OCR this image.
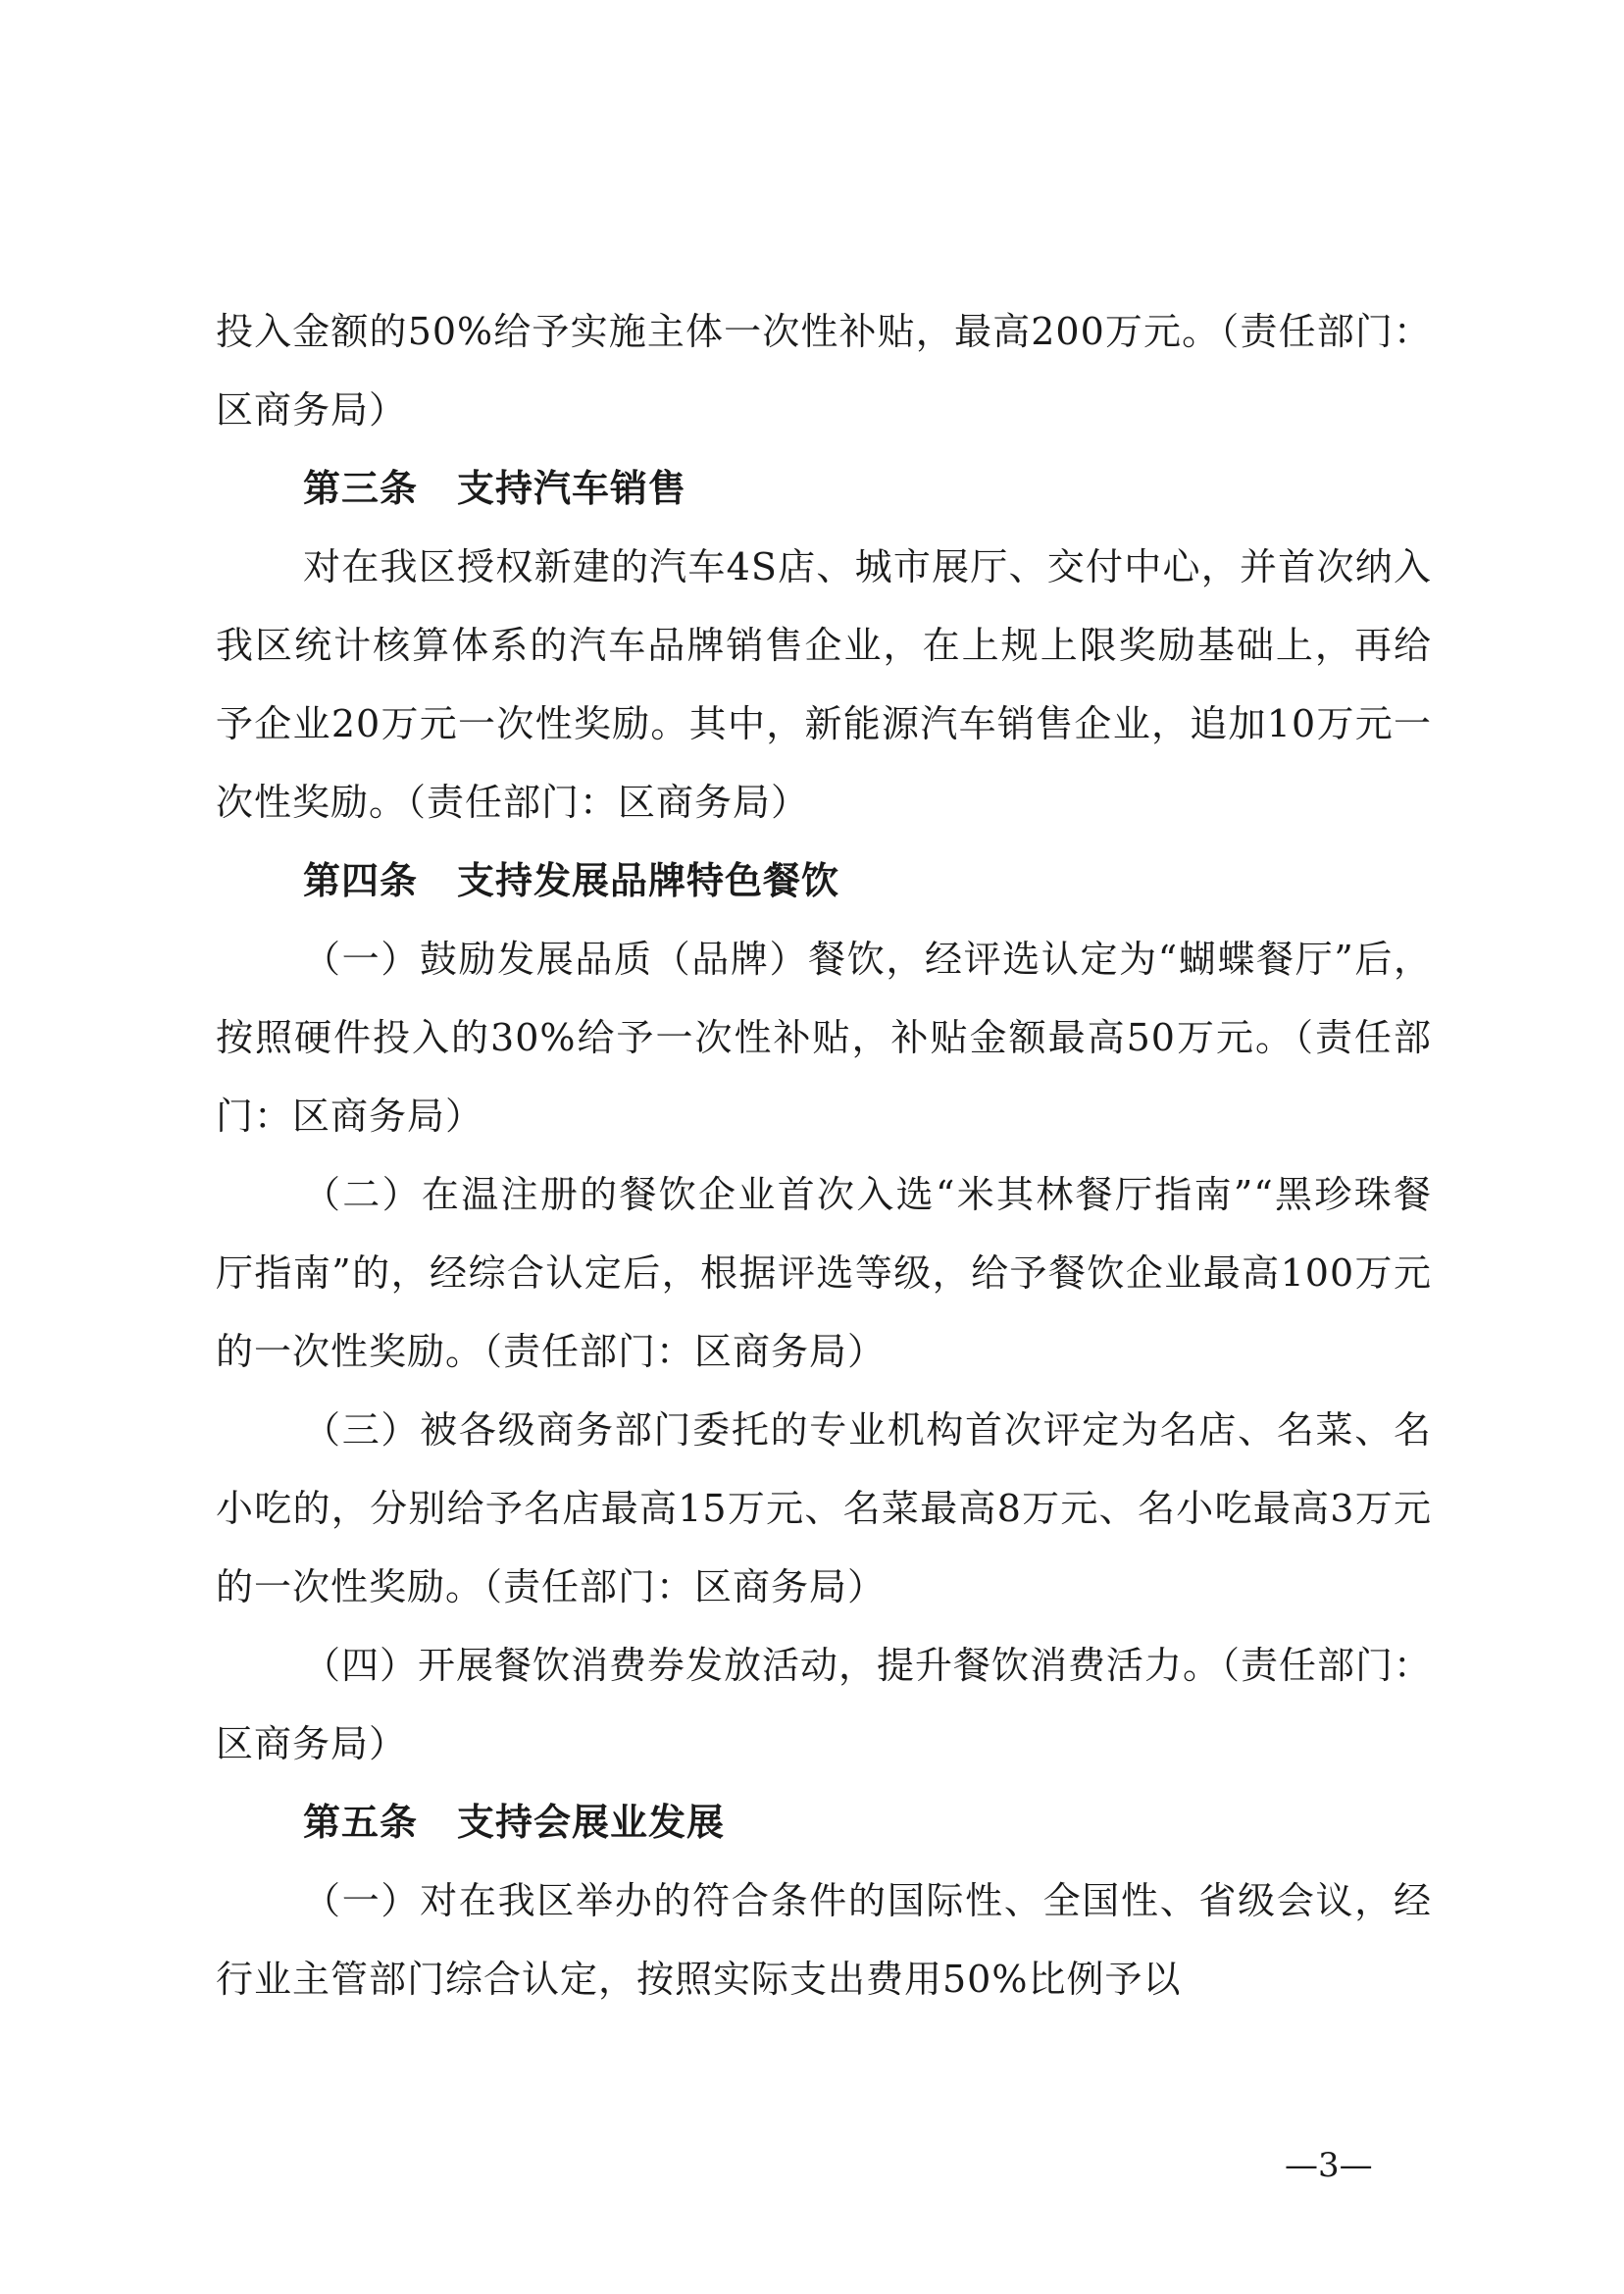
投入金额的50%给予实施主体一次性补贴，最高200万元。（责任部门：区商务局）

第三条 支持汽车销售

对在我区授权新建的汽车4S店、城市展厅、交付中心，并首次纳入我区统计核算体系的汽车品牌销售企业，在上规上限奖励基础上，再给予企业20万元一次性奖励。其中，新能源汽车销售企业，追加10万元一次性奖励。（责任部门：区商务局）

第四条 支持发展品牌特色餐饮

（一）鼓励发展品质（品牌）餐饮，经评选认定为“蝴蝶餐厅”后，按照硬件投入的30%给予一次性补贴，补贴金额最高50万元。（责任部门：区商务局）

（二）在温注册的餐饮企业首次入选“米其林餐厅指南”“黑珍珠餐厅指南”的，经综合认定后，根据评选等级，给予餐饮企业最高100万元的一次性奖励。（责任部门：区商务局）

（三）被各级商务部门委托的专业机构首次评定为名店、名菜、名小吃的，分别给予名店最高15万元、名菜最高8万元、名小吃最高3万元的一次性奖励。（责任部门：区商务局）

（四）开展餐饮消费券发放活动，提升餐饮消费活力。（责任部门：区商务局）

第五条 支持会展业发展

（一）对在我区举办的符合条件的国际性、全国性、省级会议，经行业主管部门综合认定，按照实际支出费用50%比例予以

—3—
